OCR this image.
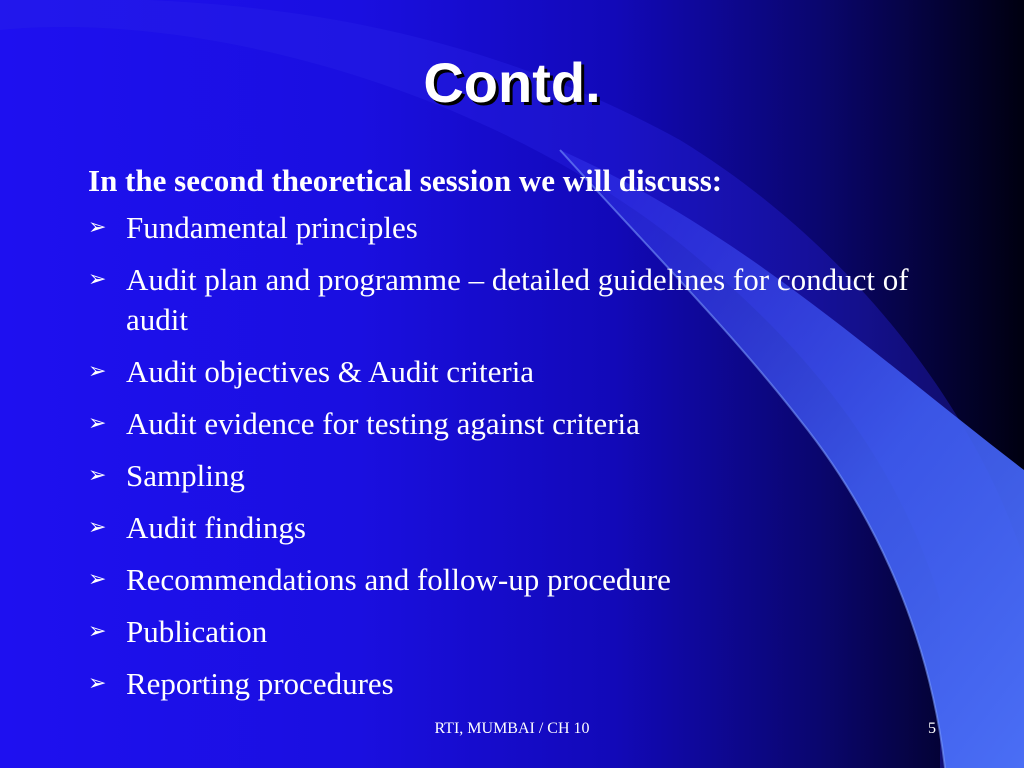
Contd.

In the second theoretical session we will discuss:

➢ Fundamental principles
➢ Audit plan and programme – detailed guidelines for conduct of audit
➢ Audit objectives & Audit criteria
➢ Audit evidence for testing against criteria
➢ Sampling
➢ Audit findings
➢ Recommendations and follow-up procedure
➢ Publication
➢ Reporting procedures
RTI, MUMBAI / CH 10	5
